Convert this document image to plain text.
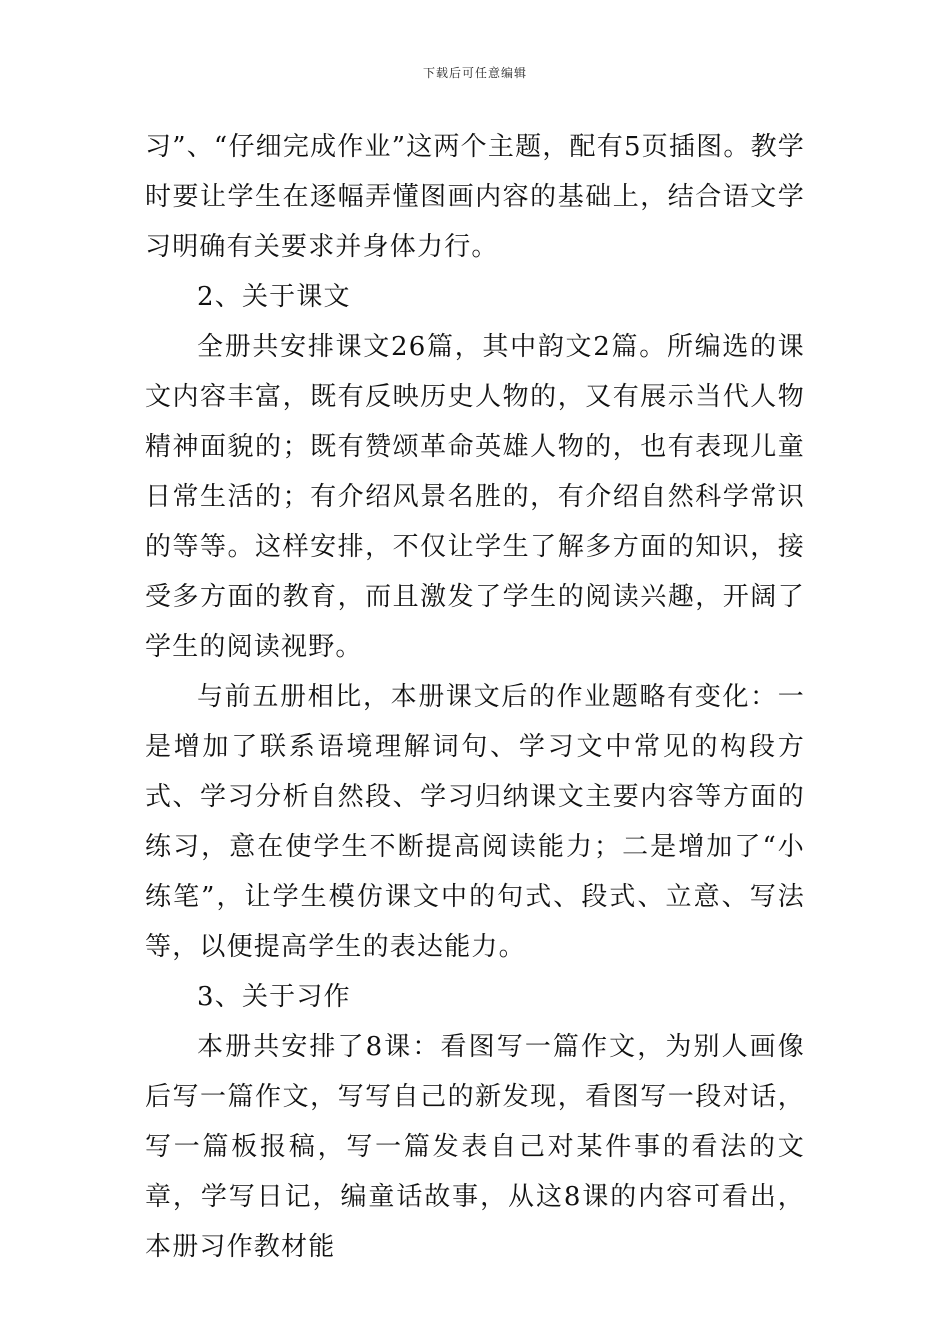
下载后可任意编辑

习”、“仔细完成作业”这两个主题，配有5页插图。教学时要让学生在逐幅弄懂图画内容的基础上，结合语文学习明确有关要求并身体力行。

2、关于课文

全册共安排课文26篇，其中韵文2篇。所编选的课文内容丰富，既有反映历史人物的，又有展示当代人物精神面貌的；既有赞颂革命英雄人物的，也有表现儿童日常生活的；有介绍风景名胜的，有介绍自然科学常识的等等。这样安排，不仅让学生了解多方面的知识，接受多方面的教育，而且激发了学生的阅读兴趣，开阔了学生的阅读视野。

与前五册相比，本册课文后的作业题略有变化：一是增加了联系语境理解词句、学习文中常见的构段方式、学习分析自然段、学习归纳课文主要内容等方面的练习，意在使学生不断提高阅读能力；二是增加了“小练笔”，让学生模仿课文中的句式、段式、立意、写法等，以便提高学生的表达能力。

3、关于习作

本册共安排了8课：看图写一篇作文，为别人画像后写一篇作文，写写自己的新发现，看图写一段对话，写一篇板报稿，写一篇发表自己对某件事的看法的文章，学写日记，编童话故事，从这8课的内容可看出，本册习作教材能
